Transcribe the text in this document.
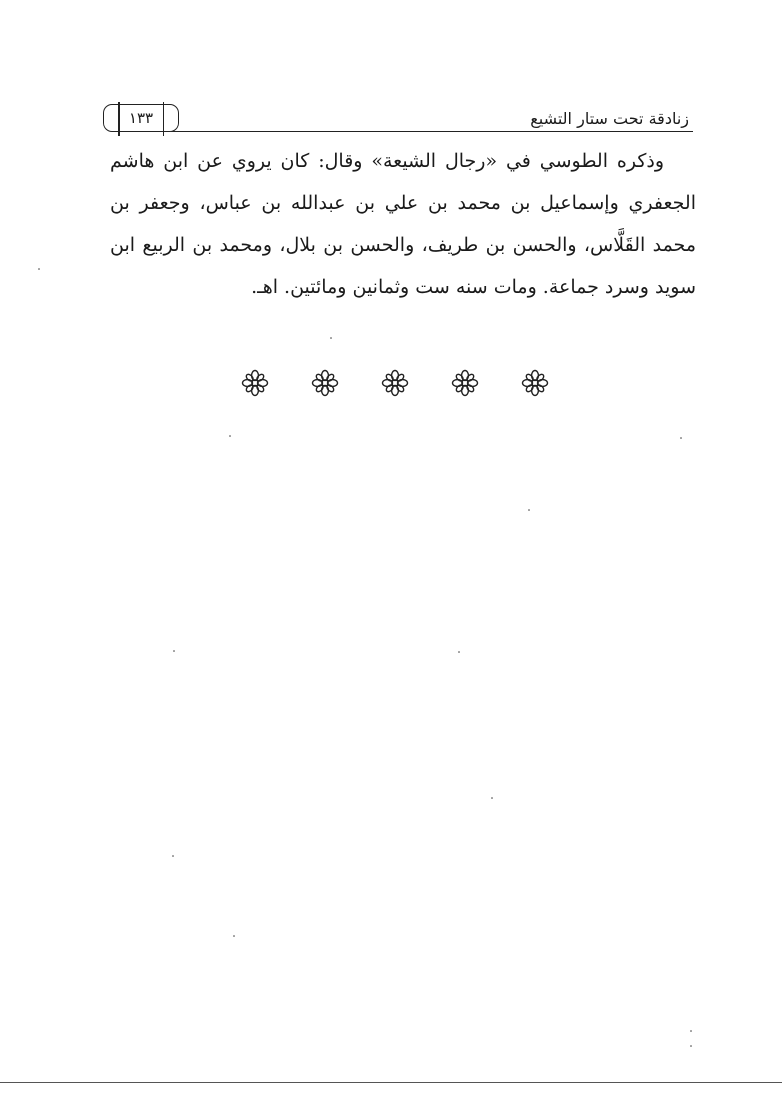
١٣٣	زنادقة تحت ستار التشيع

وذكره الطوسي في «رجال الشيعة» وقال: كان يروي عن ابن هاشم الجعفري وإسماعيل بن محمد بن علي بن عبدالله بن عباس، وجعفر بن محمد القَلَّاس، والحسن بن طريف، والحسن بن بلال، ومحمد بن الربيع ابن سويد وسرد جماعة. ومات سنه ست وثمانين ومائتين. اهـ.
